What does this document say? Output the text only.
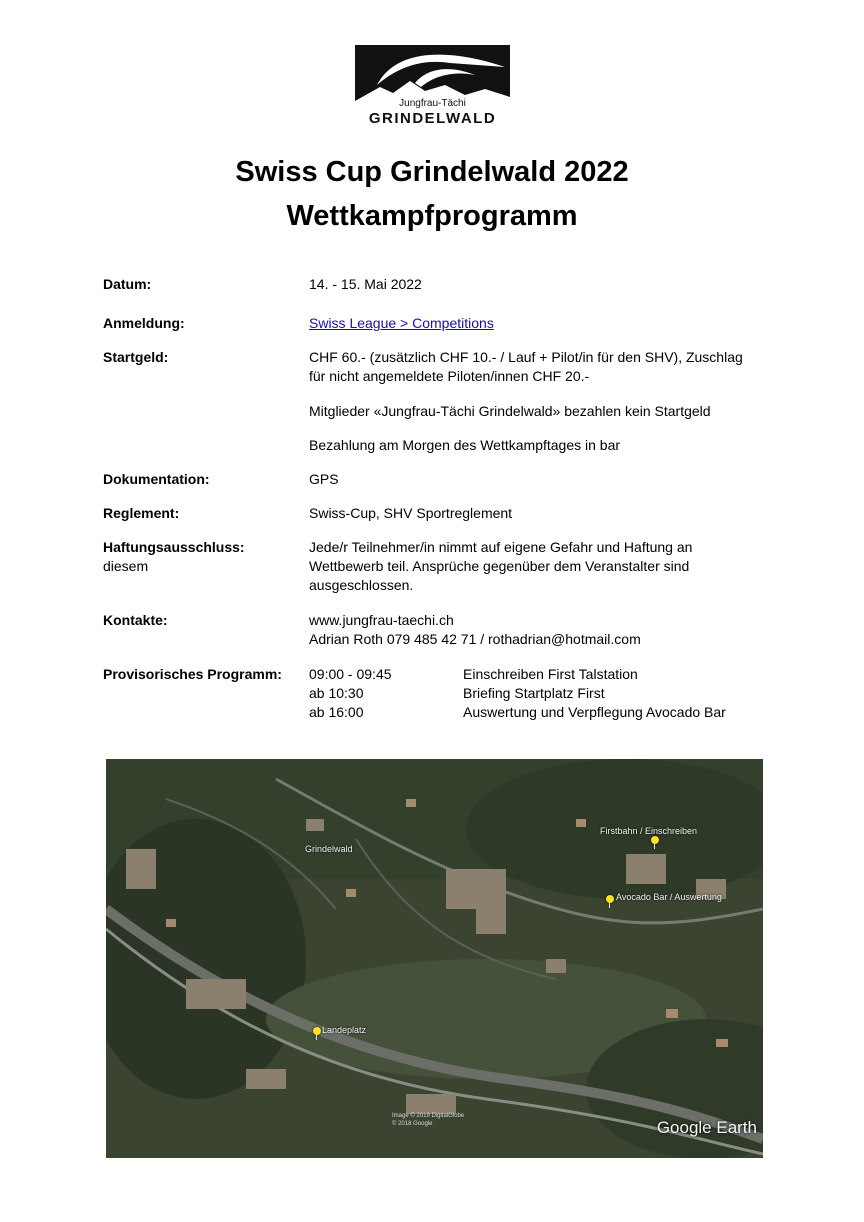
Jungfrau-Tächi
GRINDELWALD
Swiss Cup Grindelwald 2022
Wettkampfprogramm
Datum:	14. - 15. Mai 2022
Anmeldung:	Swiss League > Competitions
Startgeld:	CHF 60.- (zusätzlich CHF 10.- / Lauf + Pilot/in für den SHV), Zuschlag für nicht angemeldete Piloten/innen CHF 20.-
Mitglieder «Jungfrau-Tächi Grindelwald» bezahlen kein Startgeld
Bezahlung am Morgen des Wettkampftages in bar
Dokumentation:	GPS
Reglement:	Swiss-Cup, SHV Sportreglement
Haftungsausschluss:
diesem
Jede/r Teilnehmer/in nimmt auf eigene Gefahr und Haftung an Wettbewerb teil. Ansprüche gegenüber dem Veranstalter sind ausgeschlossen.
Kontakte:	www.jungfrau-taechi.ch
Adrian Roth 079 485 42 71 / rothadrian@hotmail.com
Provisorisches Programm: 09:00 - 09:45	Einschreiben First Talstation
ab 10:30	Briefing Startplatz First
ab 16:00	Auswertung und Verpflegung Avocado Bar
Grindelwald
Firstbahn / Einschreiben
Avocado Bar / Auswertung
Landeplatz
Image © 2019 DigitalGlobe
© 2018 Google	Google Earth
